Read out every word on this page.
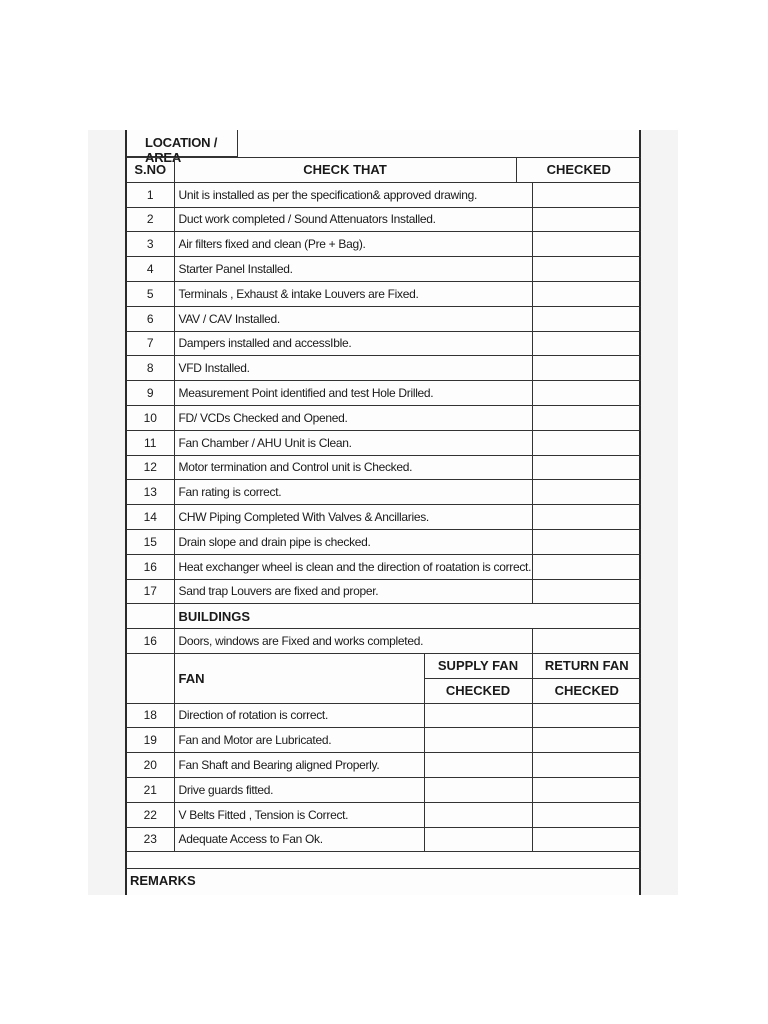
LOCATION / AREA
S.NO	CHECK THAT		CHECKED	
1	Unit is installed as per the specification& approved drawing.			
2	Duct work completed / Sound Attenuators Installed.			
3	Air filters fixed and clean (Pre + Bag).			
4	Starter Panel Installed.			
5	Terminals , Exhaust & intake Louvers are Fixed.			
6	VAV / CAV Installed.			
7	Dampers installed and accessIble.			
8	VFD Installed.			
9	Measurement Point identified and test Hole Drilled.			
10	FD/ VCDs Checked and Opened.			
11	Fan Chamber / AHU Unit is Clean.			
12	Motor termination and Control unit is Checked.			
13	Fan rating is correct.			
14	CHW Piping Completed With Valves & Ancillaries.			
15	Drain slope and drain pipe is checked.			
16	Heat exchanger wheel is clean and the direction of roatation is correct.			
17	Sand trap Louvers are fixed and proper.			
	BUILDINGS			
16	Doors, windows are Fixed and works completed.			
	FAN	SUPPLY FAN		RETURN FAN
		CHECKED		CHECKED
18	Direction of rotation is correct.			
19	Fan and Motor are Lubricated.			
20	Fan Shaft and Bearing aligned Properly.			
21	Drive guards fitted.			
22	V Belts Fitted , Tension is Correct.			
23	Adequate Access to Fan Ok.			
REMARKS
